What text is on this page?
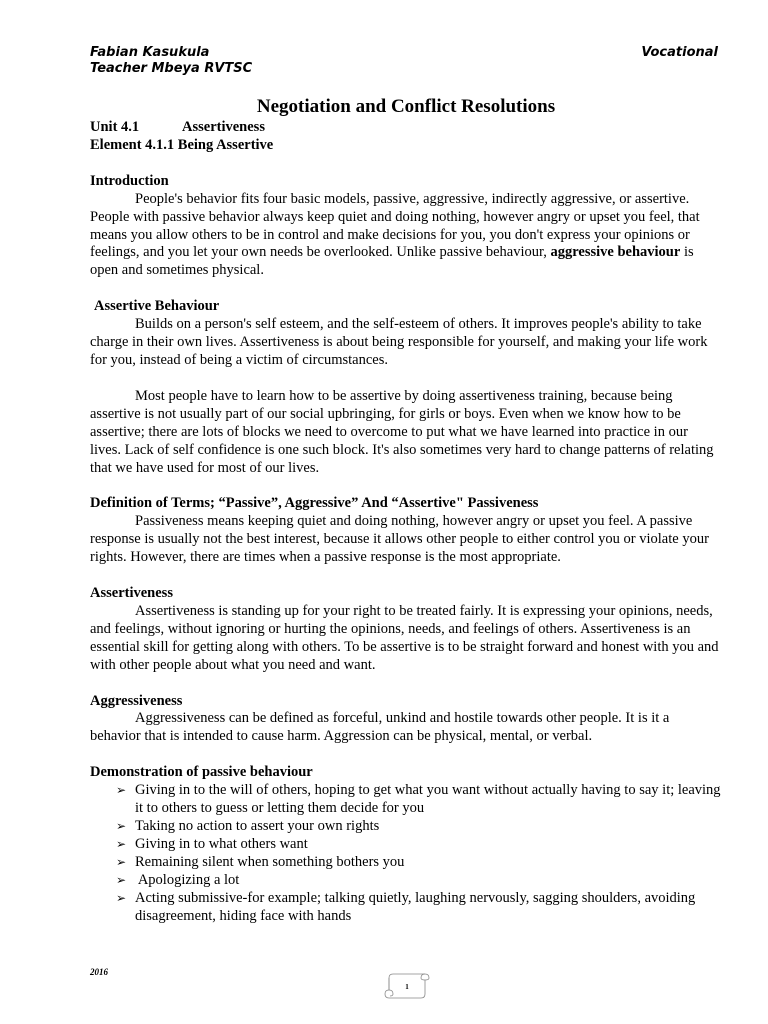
Fabian Kasukula
Teacher Mbeya RVTSC
Vocational
Negotiation and Conflict Resolutions
Unit 4.1	Assertiveness
Element 4.1.1 Being Assertive
Introduction

People's behavior fits four basic models, passive, aggressive, indirectly aggressive, or assertive. People with passive behavior always keep quiet and doing nothing, however angry or upset you feel, that means you allow others to be in control and make decisions for you, you don't express your opinions or feelings, and you let your own needs be overlooked. Unlike passive behaviour, aggressive behaviour is open and sometimes physical.

Assertive Behaviour

Builds on a person's self esteem, and the self-esteem of others. It improves people's ability to take charge in their own lives. Assertiveness is about being responsible for yourself, and making your life work for you, instead of being a victim of circumstances.

Most people have to learn how to be assertive by doing assertiveness training, because being assertive is not usually part of our social upbringing, for girls or boys. Even when we know how to be assertive; there are lots of blocks we need to overcome to put what we have learned into practice in our lives. Lack of self confidence is one such block. It's also sometimes very hard to change patterns of relating that we have used for most of our lives.

Definition of Terms; “Passive”, Aggressive” And “Assertive" Passiveness

Passiveness means keeping quiet and doing nothing, however angry or upset you feel. A passive response is usually not the best interest, because it allows other people to either control you or violate your rights. However, there are times when a passive response is the most appropriate.

Assertiveness

Assertiveness is standing up for your right to be treated fairly. It is expressing your opinions, needs, and feelings, without ignoring or hurting the opinions, needs, and feelings of others. Assertiveness is an essential skill for getting along with others. To be assertive is to be straight forward and honest with you and with other people about what you need and want.

Aggressiveness

Aggressiveness can be defined as forceful, unkind and hostile towards other people. It is it a behavior that is intended to cause harm. Aggression can be physical, mental, or verbal.

Demonstration of passive behaviour
➢ Giving in to the will of others, hoping to get what you want without actually having to say it; leaving it to others to guess or letting them decide for you
➢ Taking no action to assert your own rights
➢ Giving in to what others want
➢ Remaining silent when something bothers you
➢ Apologizing a lot
➢ Acting submissive-for example; talking quietly, laughing nervously, sagging shoulders, avoiding disagreement, hiding face with hands
2016
1
